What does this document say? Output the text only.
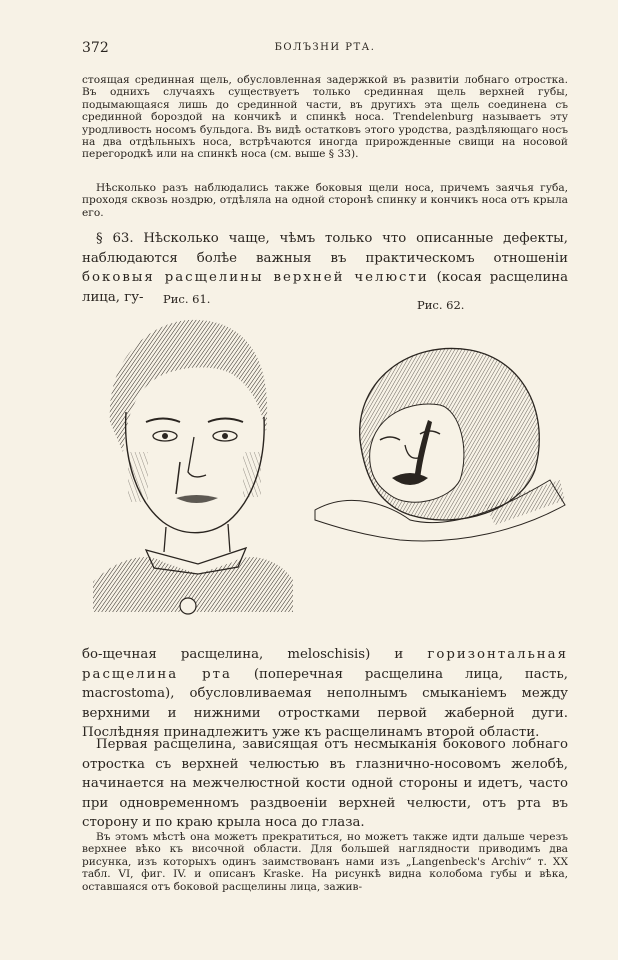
372	БОЛЪЗНИ РТА.

стоящая срединная щель, обусловленная задержкой въ развитіи лобнаго отростка. Въ однихъ случаяхъ существуетъ только срединная щель верхней губы, подымающаяся лишь до срединной части, въ другихъ эта щель соединена съ срединной бороздой на кончикѣ и спинкѣ носа. Trendelenburg называетъ эту уродливость носомъ бульдога. Въ видѣ остатковъ этого уродства, раздѣляющаго носъ на два отдѣльныхъ носа, встрѣчаются иногда прирожденные свищи на носовой перегородкѣ или на спинкѣ носа (см. выше § 33).

Нѣсколько разъ наблюдались также боковыя щели носа, причемъ заячья губа, проходя сквозь ноздрю, отдѣляла на одной сторонѣ спинку и кончикъ носа отъ крыла его.

§ 63. Нѣсколько чаще, чѣмъ только что описанные дефекты, наблюдаются болѣе важныя въ практическомъ отношеніи боковыя расщелины верхней челюсти (косая расщелина лица, гу-	Рис. 61.	Рис. 62.

бо-щечная расщелина, meloschisis) и горизонтальная расщелина рта (поперечная расщелина лица, пасть, macrostoma), обусловливаемая неполнымъ смыканіемъ между верхними и нижними отростками первой жаберной дуги. Послѣдняя принадлежитъ уже къ расщелинамъ второй области.

Первая расщелина, зависящая отъ несмыканія бокового лобнаго отростка съ верхней челюстью въ глазнично-носовомъ желобѣ, начинается на межчелюстной кости одной стороны и идетъ, часто при одновременномъ раздвоеніи верхней челюсти, отъ рта въ сторону и по краю крыла носа до глаза.

Въ этомъ мѣстѣ она можетъ прекратиться, но можетъ также идти дальше черезъ верхнее вѣко къ височной области. Для большей наглядности приводимъ два рисунка, изъ которыхъ одинъ заимствованъ нами изъ „Langenbeck's Archiv“ т. XX табл. VI, фиг. IV. и описанъ Kraske. На рисункѣ видна колобома губы и вѣка, оставшаяся отъ боковой расщелины лица, зажив-
